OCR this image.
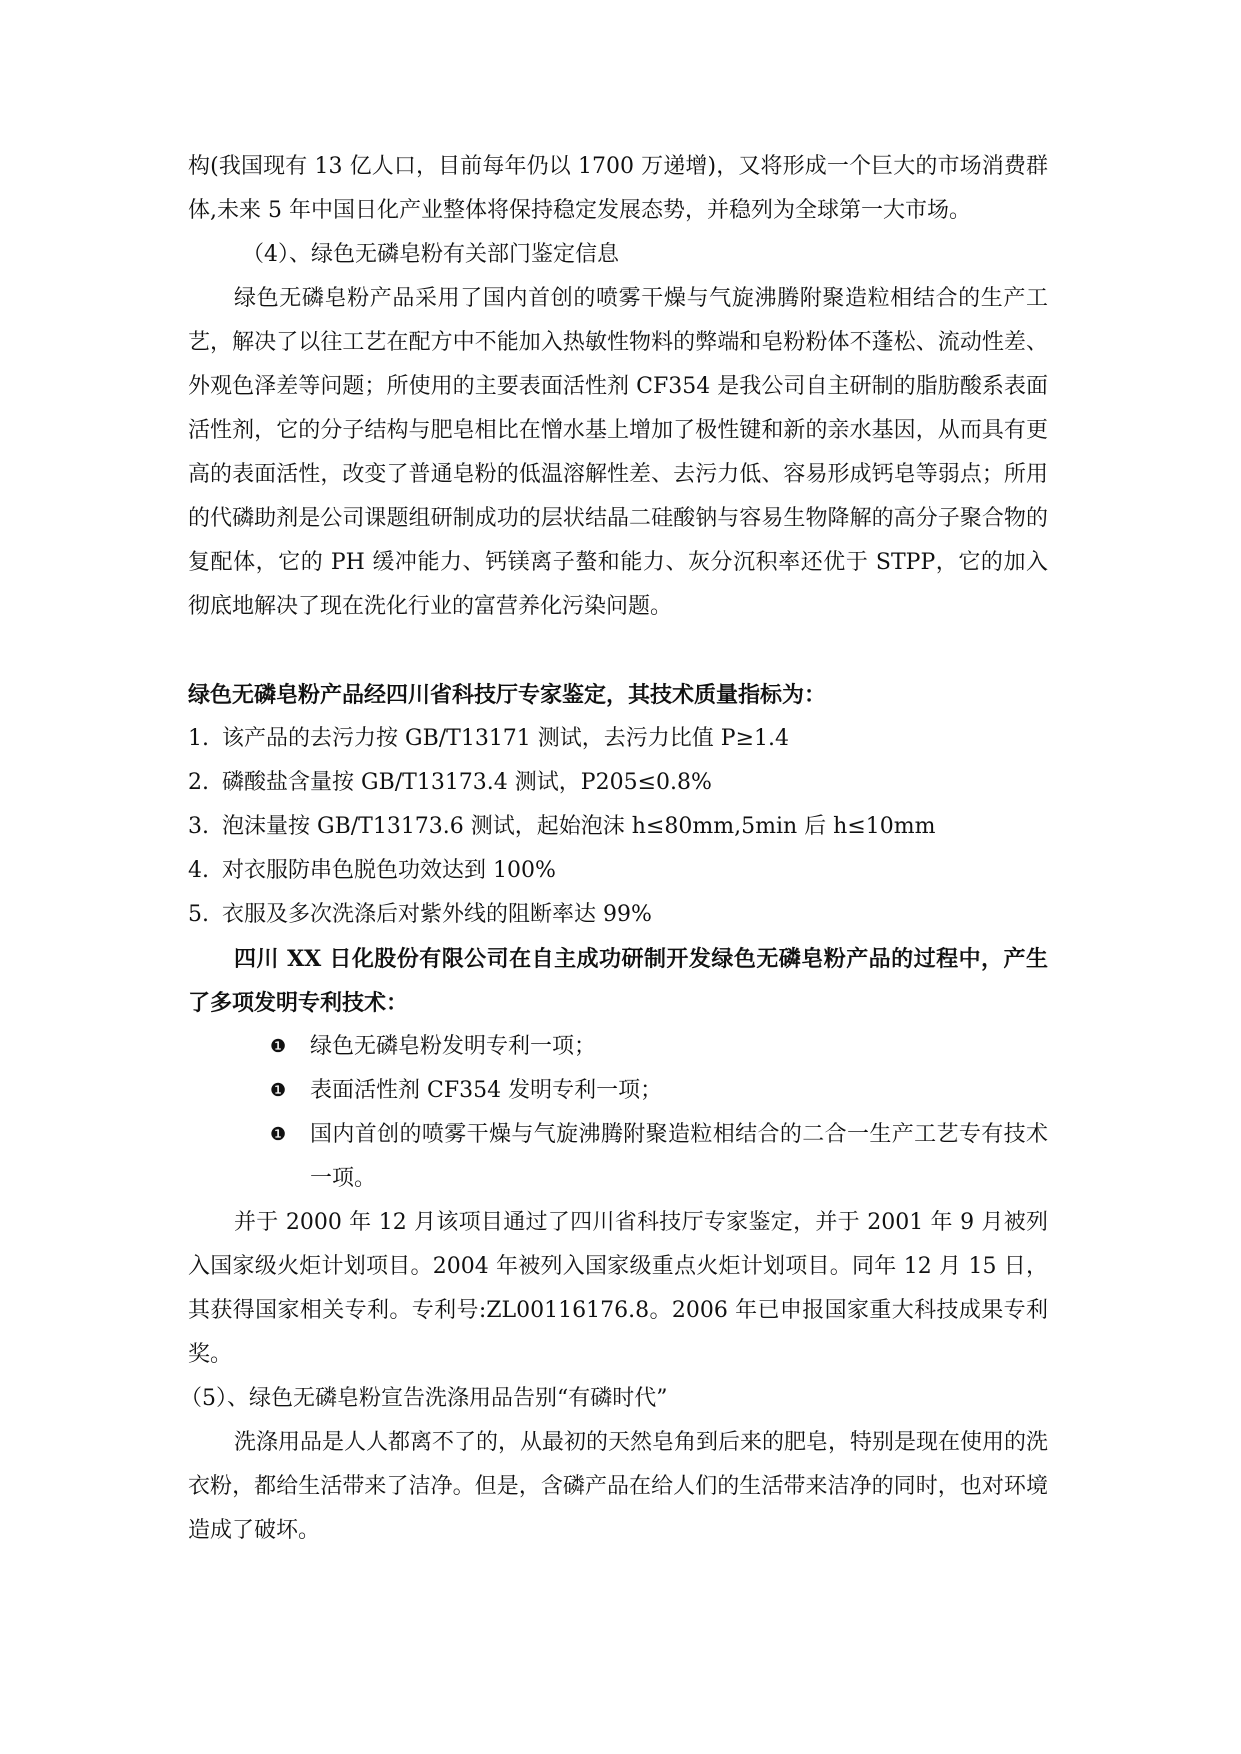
构(我国现有 13 亿人口，目前每年仍以 1700 万递增)，又将形成一个巨大的市场消费群体,未来 5 年中国日化产业整体将保持稳定发展态势，并稳列为全球第一大市场。

（4）、绿色无磷皂粉有关部门鉴定信息

绿色无磷皂粉产品采用了国内首创的喷雾干燥与气旋沸腾附聚造粒相结合的生产工艺，解决了以往工艺在配方中不能加入热敏性物料的弊端和皂粉粉体不蓬松、流动性差、外观色泽差等问题；所使用的主要表面活性剂 CF354 是我公司自主研制的脂肪酸系表面活性剂，它的分子结构与肥皂相比在憎水基上增加了极性键和新的亲水基因，从而具有更高的表面活性，改变了普通皂粉的低温溶解性差、去污力低、容易形成钙皂等弱点；所用的代磷助剂是公司课题组研制成功的层状结晶二硅酸钠与容易生物降解的高分子聚合物的复配体，它的 PH 缓冲能力、钙镁离子螯和能力、灰分沉积率还优于 STPP，它的加入彻底地解决了现在洗化行业的富营养化污染问题。

绿色无磷皂粉产品经四川省科技厅专家鉴定，其技术质量指标为：

1. 该产品的去污力按 GB/T13171 测试，去污力比值 P≥1.4
2. 磷酸盐含量按 GB/T13173.4 测试，P205≤0.8%
3. 泡沫量按 GB/T13173.6 测试，起始泡沫 h≤80mm,5min 后 h≤10mm
4. 对衣服防串色脱色功效达到 100%
5. 衣服及多次洗涤后对紫外线的阻断率达 99%

四川 XX 日化股份有限公司在自主成功研制开发绿色无磷皂粉产品的过程中，产生了多项发明专利技术：

❶	绿色无磷皂粉发明专利一项；
❶	表面活性剂 CF354 发明专利一项；
❶	国内首创的喷雾干燥与气旋沸腾附聚造粒相结合的二合一生产工艺专有技术一项。

并于 2000 年 12 月该项目通过了四川省科技厅专家鉴定，并于 2001 年 9 月被列入国家级火炬计划项目。2004 年被列入国家级重点火炬计划项目。同年 12 月 15 日，其获得国家相关专利。专利号:ZL00116176.8。2006 年已申报国家重大科技成果专利奖。

（5）、绿色无磷皂粉宣告洗涤用品告别“有磷时代”

洗涤用品是人人都离不了的，从最初的天然皂角到后来的肥皂，特别是现在使用的洗衣粉，都给生活带来了洁净。但是，含磷产品在给人们的生活带来洁净的同时，也对环境造成了破坏。
